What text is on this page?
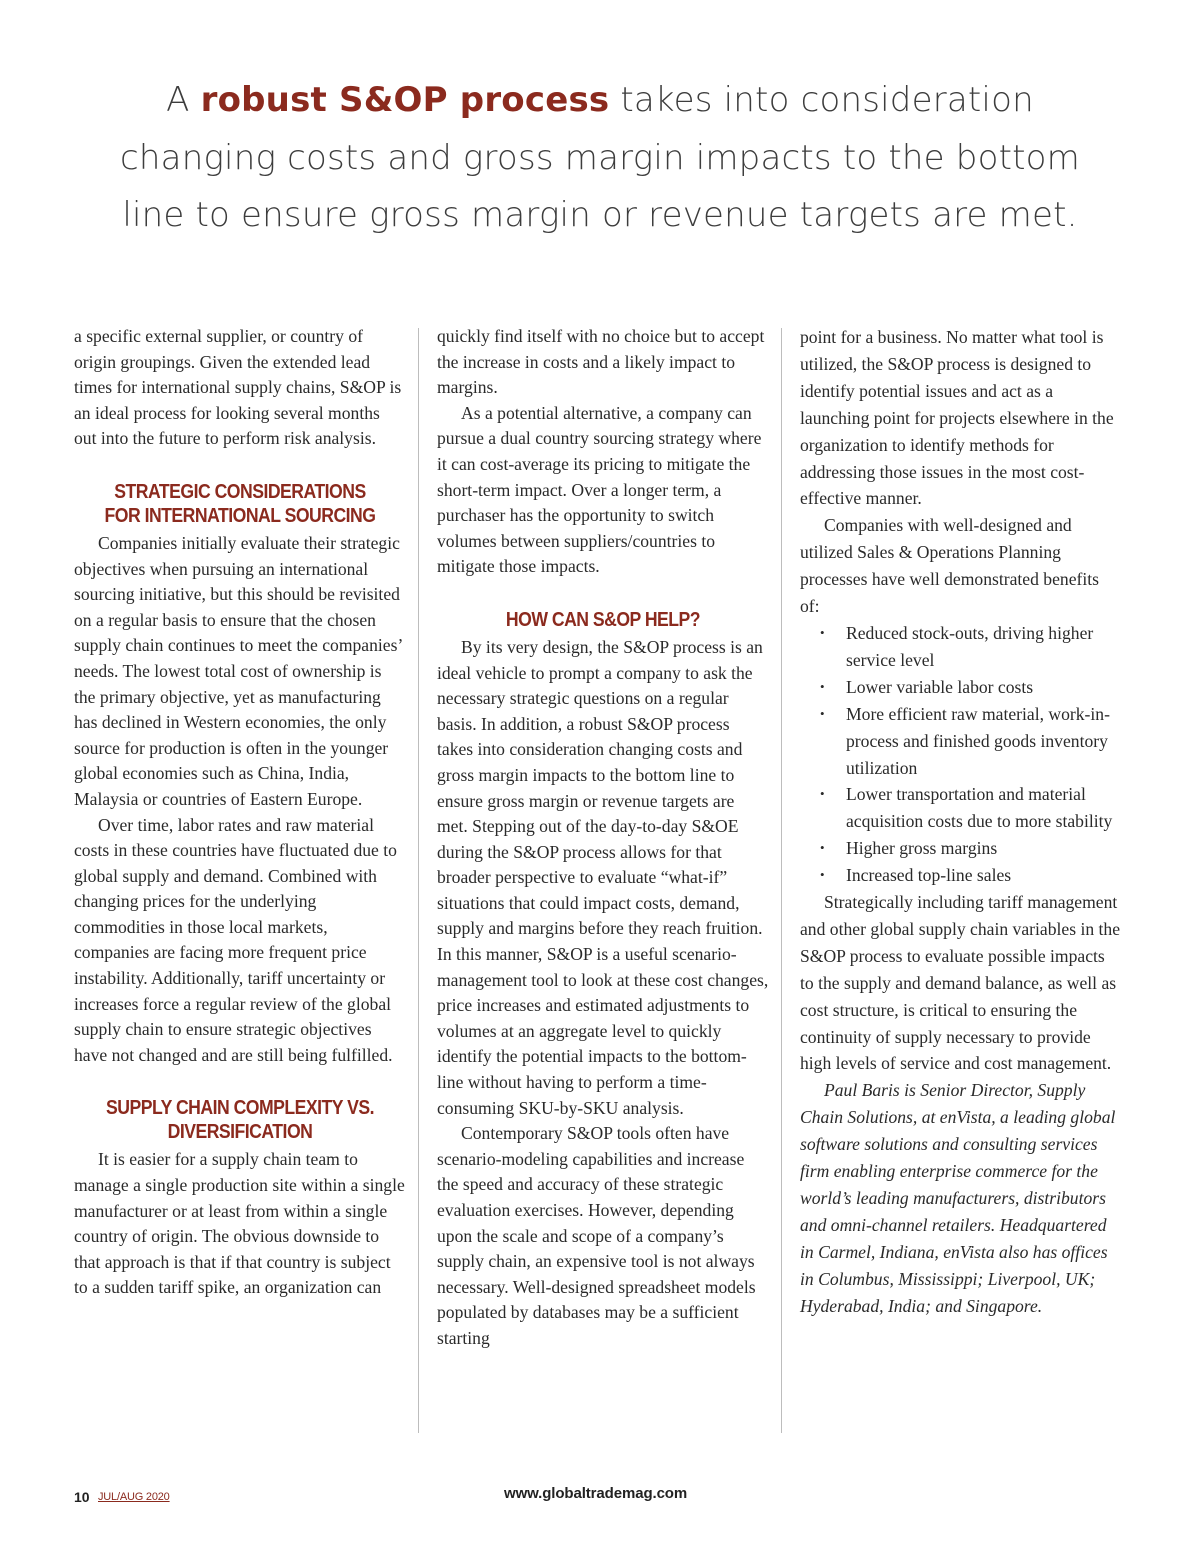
A robust S&OP process takes into consideration changing costs and gross margin impacts to the bottom line to ensure gross margin or revenue targets are met.

a specific external supplier, or country of origin groupings. Given the extended lead times for international supply chains, S&OP is an ideal process for looking several months out into the future to perform risk analysis.

STRATEGIC CONSIDERATIONS FOR INTERNATIONAL SOURCING

Companies initially evaluate their strategic objectives when pursuing an international sourcing initiative, but this should be revisited on a regular basis to ensure that the chosen supply chain continues to meet the companies’ needs. The lowest total cost of ownership is the primary objective, yet as manufacturing has declined in Western economies, the only source for production is often in the younger global economies such as China, India, Malaysia or countries of Eastern Europe.

Over time, labor rates and raw material costs in these countries have fluctuated due to global supply and demand. Combined with changing prices for the underlying commodities in those local markets, companies are facing more frequent price instability. Additionally, tariff uncertainty or increases force a regular review of the global supply chain to ensure strategic objectives have not changed and are still being fulfilled.

SUPPLY CHAIN COMPLEXITY VS. DIVERSIFICATION

It is easier for a supply chain team to manage a single production site within a single manufacturer or at least from within a single country of origin. The obvious downside to that approach is that if that country is subject to a sudden tariff spike, an organization can

quickly find itself with no choice but to accept the increase in costs and a likely impact to margins.

As a potential alternative, a company can pursue a dual country sourcing strategy where it can cost-average its pricing to mitigate the short-term impact. Over a longer term, a purchaser has the opportunity to switch volumes between suppliers/countries to mitigate those impacts.

HOW CAN S&OP HELP?

By its very design, the S&OP process is an ideal vehicle to prompt a company to ask the necessary strategic questions on a regular basis. In addition, a robust S&OP process takes into consideration changing costs and gross margin impacts to the bottom line to ensure gross margin or revenue targets are met. Stepping out of the day-to-day S&OE during the S&OP process allows for that broader perspective to evaluate “what-if” situations that could impact costs, demand, supply and margins before they reach fruition. In this manner, S&OP is a useful scenario-management tool to look at these cost changes, price increases and estimated adjustments to volumes at an aggregate level to quickly identify the potential impacts to the bottom-line without having to perform a time-consuming SKU-by-SKU analysis.

Contemporary S&OP tools often have scenario-modeling capabilities and increase the speed and accuracy of these strategic evaluation exercises. However, depending upon the scale and scope of a company’s supply chain, an expensive tool is not always necessary. Well-designed spreadsheet models populated by databases may be a sufficient starting

point for a business. No matter what tool is utilized, the S&OP process is designed to identify potential issues and act as a launching point for projects elsewhere in the organization to identify methods for addressing those issues in the most cost-effective manner.

Companies with well-designed and utilized Sales & Operations Planning processes have well demonstrated benefits of:

• Reduced stock-outs, driving higher service level
• Lower variable labor costs
• More efficient raw material, work-in-process and finished goods inventory utilization
• Lower transportation and material acquisition costs due to more stability
• Higher gross margins
• Increased top-line sales

Strategically including tariff management and other global supply chain variables in the S&OP process to evaluate possible impacts to the supply and demand balance, as well as cost structure, is critical to ensuring the continuity of supply necessary to provide high levels of service and cost management.

Paul Baris is Senior Director, Supply Chain Solutions, at enVista, a leading global software solutions and consulting services firm enabling enterprise commerce for the world’s leading manufacturers, distributors and omni-channel retailers. Headquartered in Carmel, Indiana, enVista also has offices in Columbus, Mississippi; Liverpool, UK; Hyderabad, India; and Singapore.

10 JUL/AUG 2020	www.globaltrademag.com
